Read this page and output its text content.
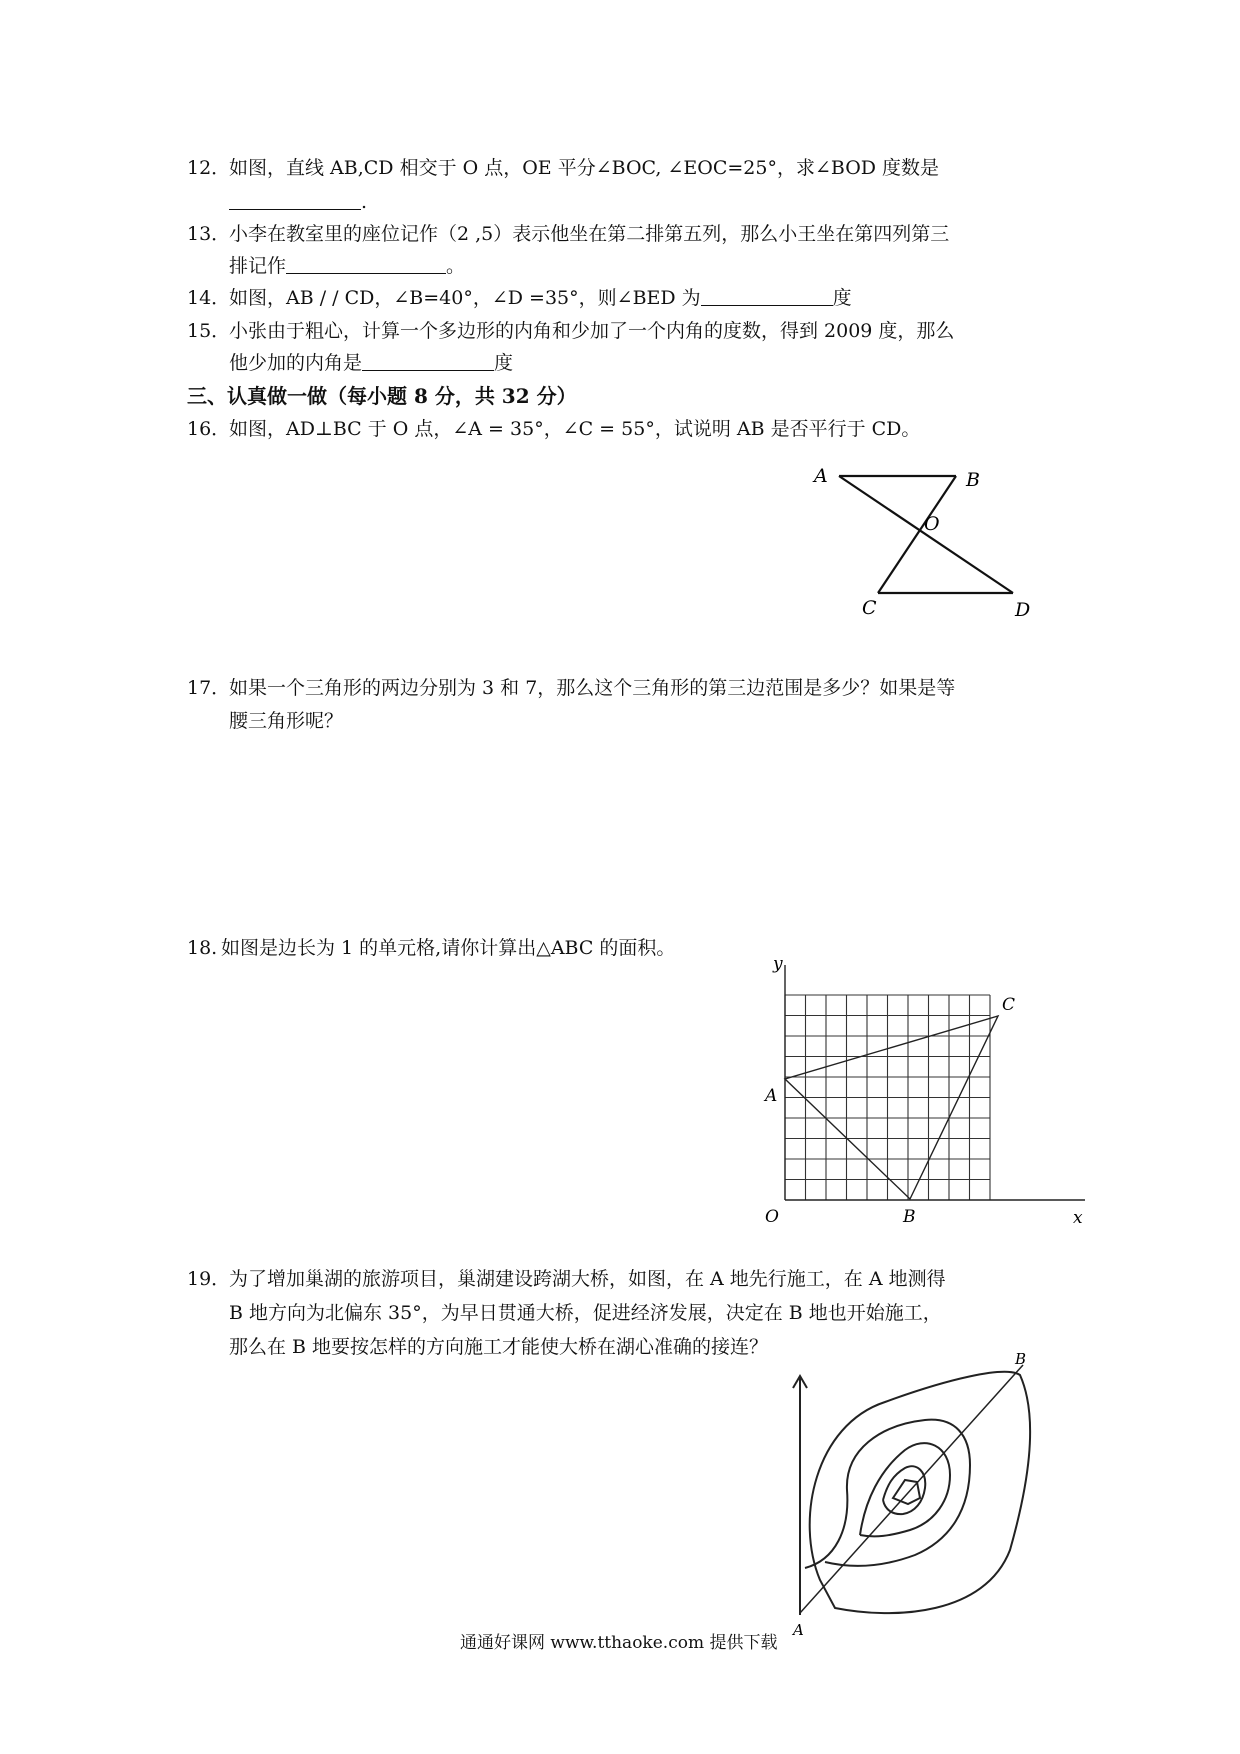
12．如图，直线 AB,CD 相交于 O 点，OE 平分∠BOC, ∠EOC=25°，求∠BOD 度数是
.
13．小李在教室里的座位记作（2 ,5）表示他坐在第二排第五列，那么小王坐在第四列第三
排记作	。
14．如图，AB / / CD，∠B=40°，∠D =35°，则∠BED 为	度
15．小张由于粗心，计算一个多边形的内角和少加了一个内角的度数，得到 2009 度，那么
他少加的内角是	度
三、认真做一做（每小题 8 分，共 32 分）
16．如图，AD⊥BC 于 O 点，∠A = 35°，∠C = 55°，试说明 AB 是否平行于 CD。
A	B
O
C	D
17．如果一个三角形的两边分别为 3 和 7，那么这个三角形的第三边范围是多少？如果是等
腰三角形呢？
18. 如图是边长为 1 的单元格,请你计算出△ABC 的面积。
y
x
O
A
B
C
19．为了增加巢湖的旅游项目，巢湖建设跨湖大桥，如图，在 A 地先行施工，在 A 地测得
B 地方向为北偏东 35°，为早日贯通大桥，促进经济发展，决定在 B 地也开始施工，
那么在 B 地要按怎样的方向施工才能使大桥在湖心准确的接连？
A
B
通通好课网 www.tthaoke.com 提供下载
